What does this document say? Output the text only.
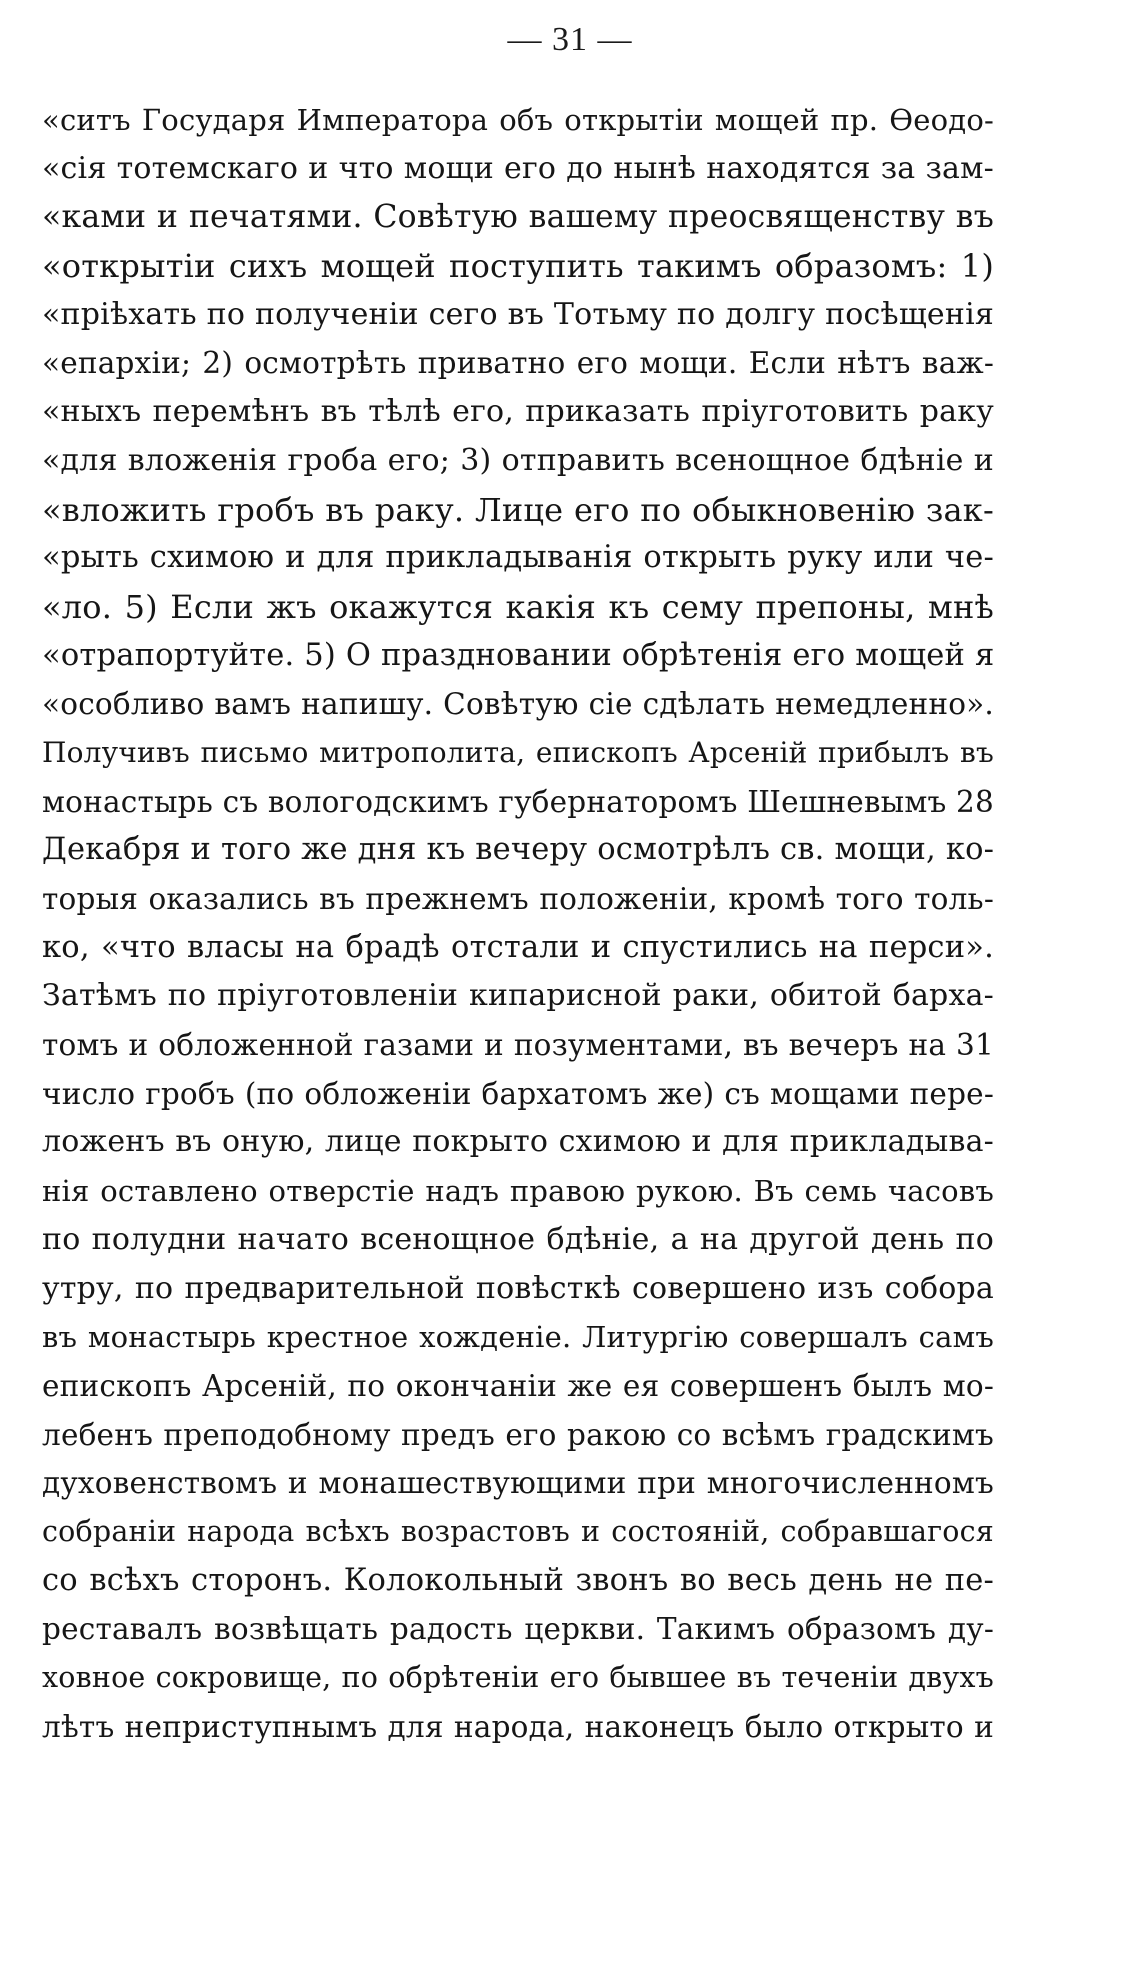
— 31 —
«ситъ Государя Императора объ открытіи мощей пр. Ѳеодо-
«сія тотемскаго и что мощи его до нынѣ находятся за зам-
«ками и печатями. Совѣтую вашему преосвященству въ
«открытіи сихъ мощей поступить такимъ образомъ: 1)
«пріѣхать по полученіи сего въ Тотьму по долгу посѣщенія
«епархіи; 2) осмотрѣть приватно его мощи. Если нѣтъ важ-
«ныхъ перемѣнъ въ тѣлѣ его, приказать пріуготовить раку
«для вложенія гроба его; 3) отправить всенощное бдѣніе и
«вложить гробъ въ раку. Лице его по обыкновенію зак-
«рыть схимою и для прикладыванія открыть руку или че-
«ло. 5) Если жъ окажутся какія къ сему препоны, мнѣ
«отрапортуйте. 5) О праздновании обрѣтенія его мощей я
«особливо вамъ напишу. Совѣтую сіе сдѣлать немедленно».
Получивъ письмо митрополита, епископъ Арсеній прибылъ въ
монастырь съ вологодскимъ губернаторомъ Шешневымъ 28
Декабря и того же дня къ вечеру осмотрѣлъ св. мощи, ко-
торыя оказались въ прежнемъ положеніи, кромѣ того толь-
ко, «что власы на брадѣ отстали и спустились на перси».
Затѣмъ по пріуготовленіи кипарисной раки, обитой барха-
томъ и обложенной газами и позументами, въ вечеръ на 31
число гробъ (по обложеніи бархатомъ же) съ мощами пере-
ложенъ въ оную, лице покрыто схимою и для прикладыва-
нія оставлено отверстіе надъ правою рукою. Въ семь часовъ
по полудни начато всенощное бдѣніе, а на другой день по
утру, по предварительной повѣсткѣ совершено изъ собора
въ монастырь крестное хожденіе. Литургію совершалъ самъ
епископъ Арсеній, по окончаніи же ея совершенъ былъ мо-
лебенъ преподобному предъ его ракою со всѣмъ градскимъ
духовенствомъ и монашествующими при многочисленномъ
собраніи народа всѣхъ возрастовъ и состояній, собравшагося
со всѣхъ сторонъ. Колокольный звонъ во весь день не пе-
реставалъ возвѣщать радость церкви. Такимъ образомъ ду-
ховное сокровище, по обрѣтеніи его бывшее въ теченіи двухъ
лѣтъ неприступнымъ для народа, наконецъ было открыто и
